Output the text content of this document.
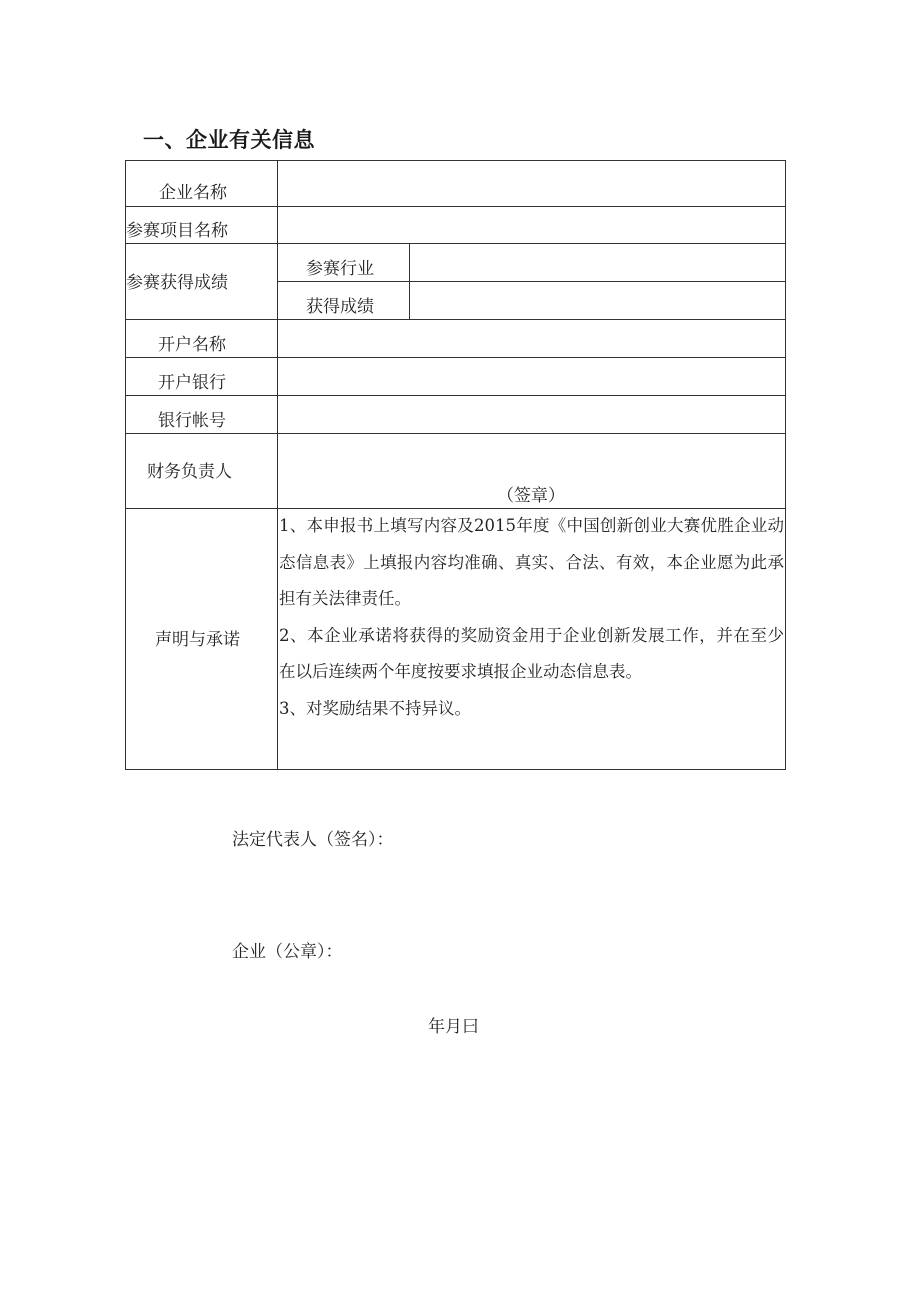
一、企业有关信息
企业名称
参赛项目名称
参赛获得成绩
参赛行业
获得成绩
开户名称
开户银行
银行帐号
财务负责人
（签章）
声明与承诺

1、本申报书上填写内容及2015年度《中国创新创业大赛优胜企业动态信息表》上填报内容均准确、真实、合法、有效，本企业愿为此承担有关法律责任。

2、本企业承诺将获得的奖励资金用于企业创新发展工作，并在至少在以后连续两个年度按要求填报企业动态信息表。

3、对奖励结果不持异议。

法定代表人（签名）：
企业（公章）：
年月曰
